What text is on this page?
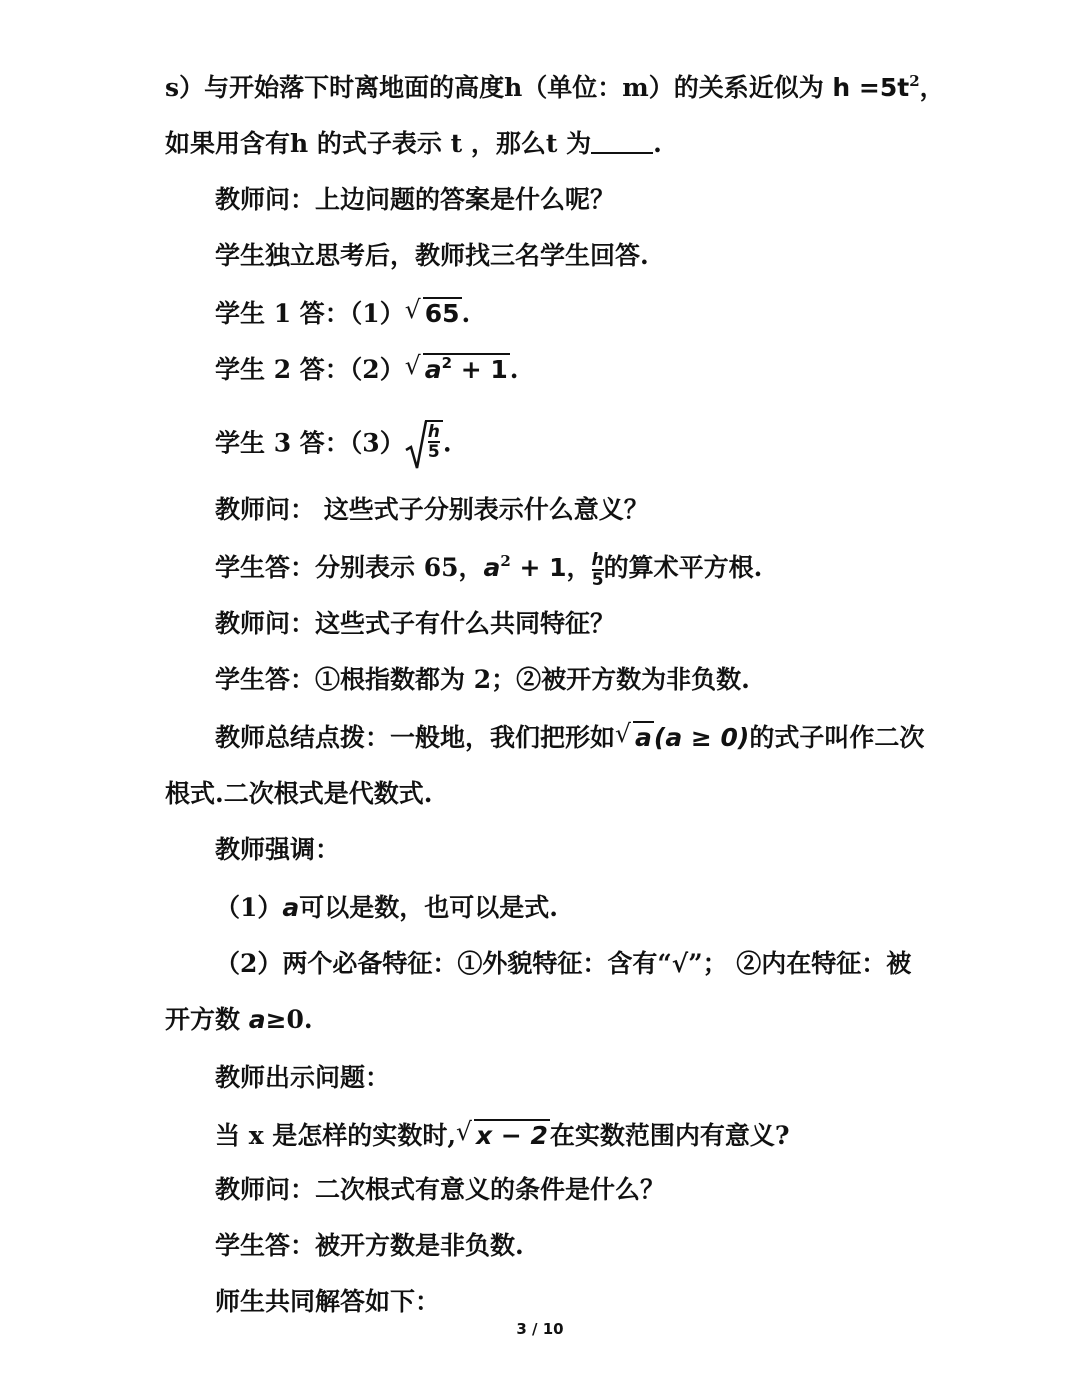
s）与开始落下时离地面的高度h（单位：m）的关系近似为 $h =5t^2$，
如果用含有h 的式子表示 t ，那么t 为 .
教师问：上边问题的答案是什么呢？
学生独立思考后，教师找三名学生回答.
学生 1 答：（1） √ 65.
学生 2 答：（2） √ $a^2 + 1$.
学生 3 答：$(3) \frac{h}{5}$ .
教师问： 这些式子分别表示什么意义？
学生答：分别表示 65，$a^2 + 1$， $\frac{h}{5}$ 的算术平方根.
教师问：这些式子有什么共同特征？
学生答：①根指数都为 2；②被开方数为非负数.
教师总结点拨：一般地，我们把形如 √ a(a ≥ 0)的式子叫作二次
根式.二次根式是代数式.
教师强调：
（1）a可以是数，也可以是式.
（2）两个必备特征：①外貌特征：含有“√”； ②内在特征：被
开方数 a≥0.
教师出示问题：
当 x 是怎样的实数时, √ x − 2在实数范围内有意义?
教师问：二次根式有意义的条件是什么？
学生答：被开方数是非负数.
师生共同解答如下：
3 / 10
